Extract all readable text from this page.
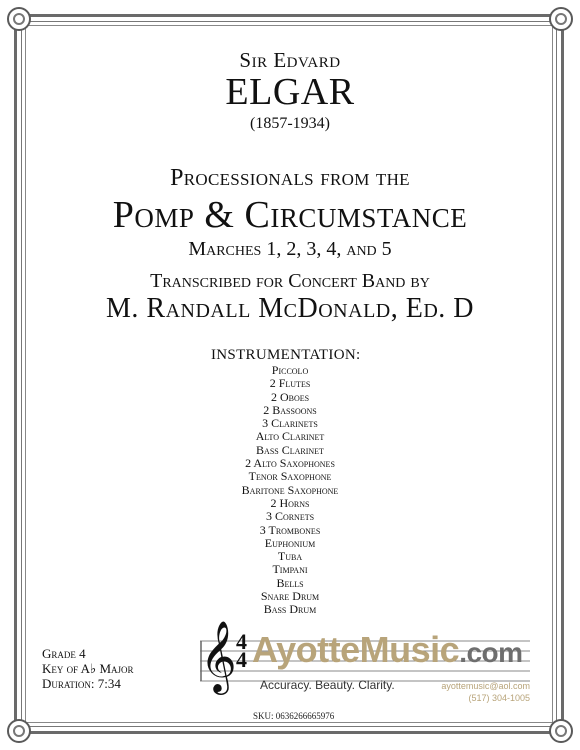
Sir Edvard
ELGAR
(1857-1934)
Processionals from the
Pomp & Circumstance
Marches 1, 2, 3, 4, and 5
Transcribed for Concert Band by
M. Randall McDonald, Ed. D
INSTRUMENTATION:
Piccolo
2 Flutes
2 Oboes
2 Bassoons
3 Clarinets
Alto Clarinet
Bass Clarinet
2 Alto Saxophones
Tenor Saxophone
Baritone Saxophone
2 Horns
3 Cornets
3 Trombones
Euphonium
Tuba
Timpani
Bells
Snare Drum
Bass Drum
Grade 4
Key of A♭ Major
Duration: 7:34 𝄞 4
4 AyotteMusic.com
Accuracy. Beauty. Clarity.	ayottemusic@aol.com
(517) 304-1005
SKU: 0636266665976
